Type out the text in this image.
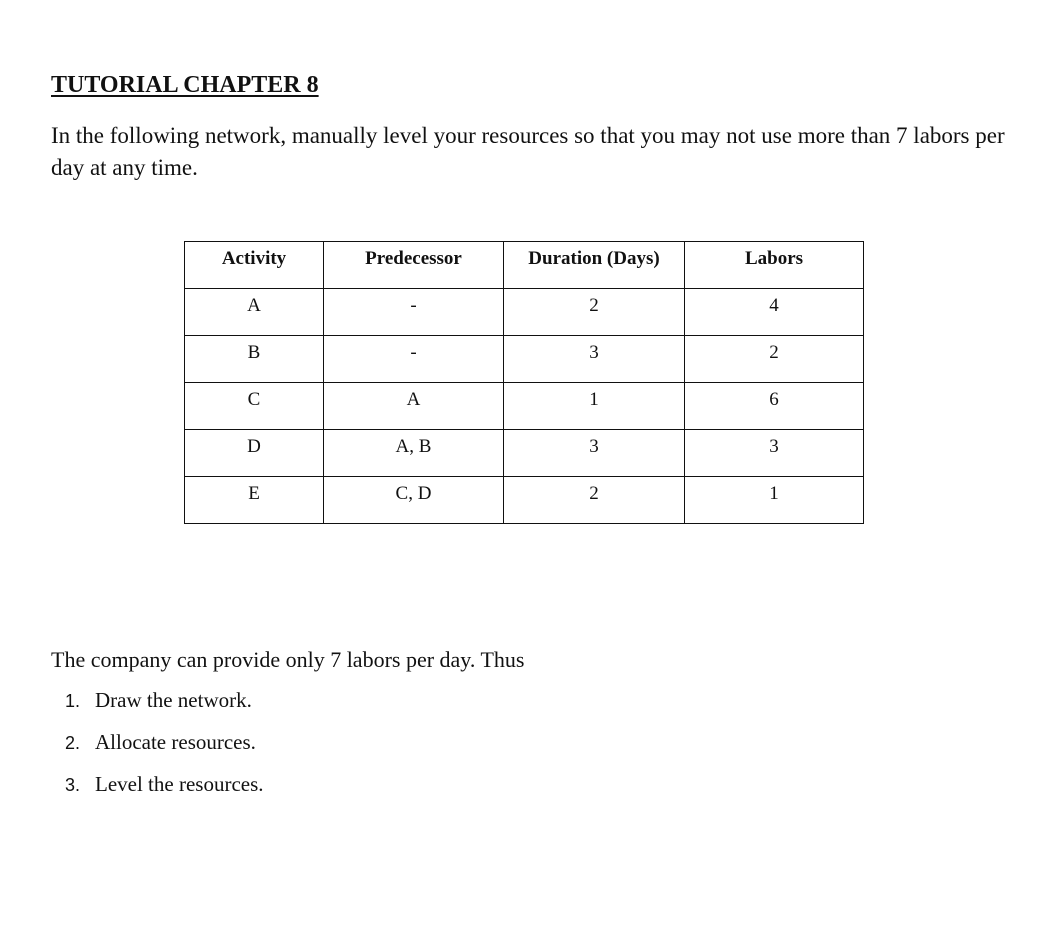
TUTORIAL CHAPTER 8
In the following network, manually level your resources so that you may not use more than 7 labors per day at any time.
Activity	Predecessor	Duration (Days)	Labors
A	-	2	4
B	-	3	2
C	A	1	6
D	A, B	3	3
E	C, D	2	1
The company can provide only 7 labors per day. Thus
1. Draw the network.
2. Allocate resources.
3. Level the resources.
